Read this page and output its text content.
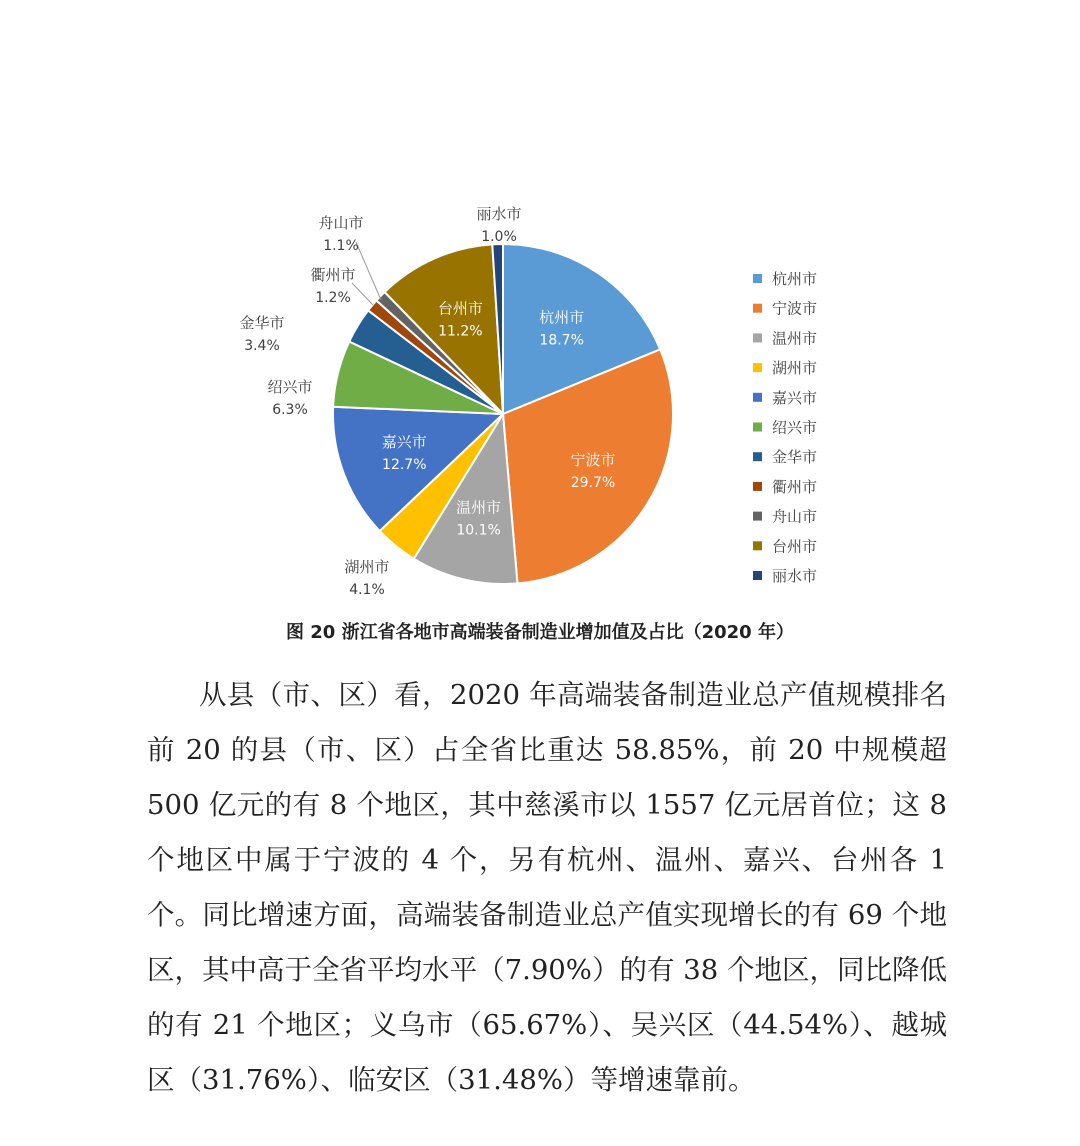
杭州市
18.7%
宁波市
29.7%
温州市
10.1%
湖州市
4.1%
嘉兴市
12.7%
绍兴市
6.3%
金华市
3.4%
衢州市
1.2%
舟山市
1.1%
台州市
11.2%
丽水市
1.0%
杭州市
宁波市
温州市
湖州市
嘉兴市
绍兴市
金华市
衢州市
舟山市
台州市
丽水市
图 20 浙江省各地市高端装备制造业增加值及占比（2020 年）

从县（市、区）看，2020 年高端装备制造业总产值规模排名前 20 的县（市、区）占全省比重达 58.85%，前 20 中规模超 500 亿元的有 8 个地区，其中慈溪市以 1557 亿元居首位；这 8 个地区中属于宁波的 4 个，另有杭州、温州、嘉兴、台州各 1 个。同比增速方面，高端装备制造业总产值实现增长的有 69 个地区，其中高于全省平均水平（7.90%）的有 38 个地区，同比降低的有 21 个地区；义乌市（65.67%）、吴兴区（44.54%）、越城区（31.76%）、临安区（31.48%）等增速靠前。
